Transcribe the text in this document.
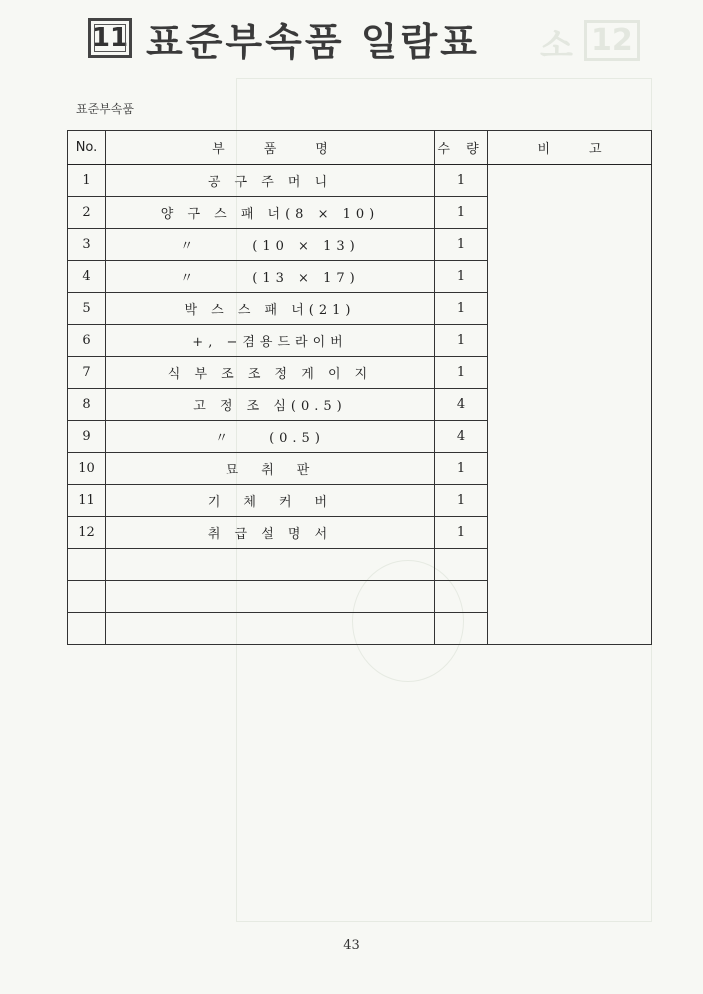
소 12
11 표준부속품 일람표
표준부속품
No.	부　　　품　　　명	수 량	비　　　고
1	공 구 주 머 니	1	
2	양 구 스 패 너(8 × 10)	1	
3	〃　　　(10 × 13)	1	
4	〃　　　(13 × 17)	1	
5	박 스 스 패 너(21)	1	
6	+, −겸용드라이버	1	
7	식 부 조 조 정 게 이 지	1	
8	고 정 조 심(0.5)	4	
9	〃　　(0.5)	4	
10	묘　취　판	1	
11	기　체　커　버	1	
12	취 급 설 명 서	1	

43
